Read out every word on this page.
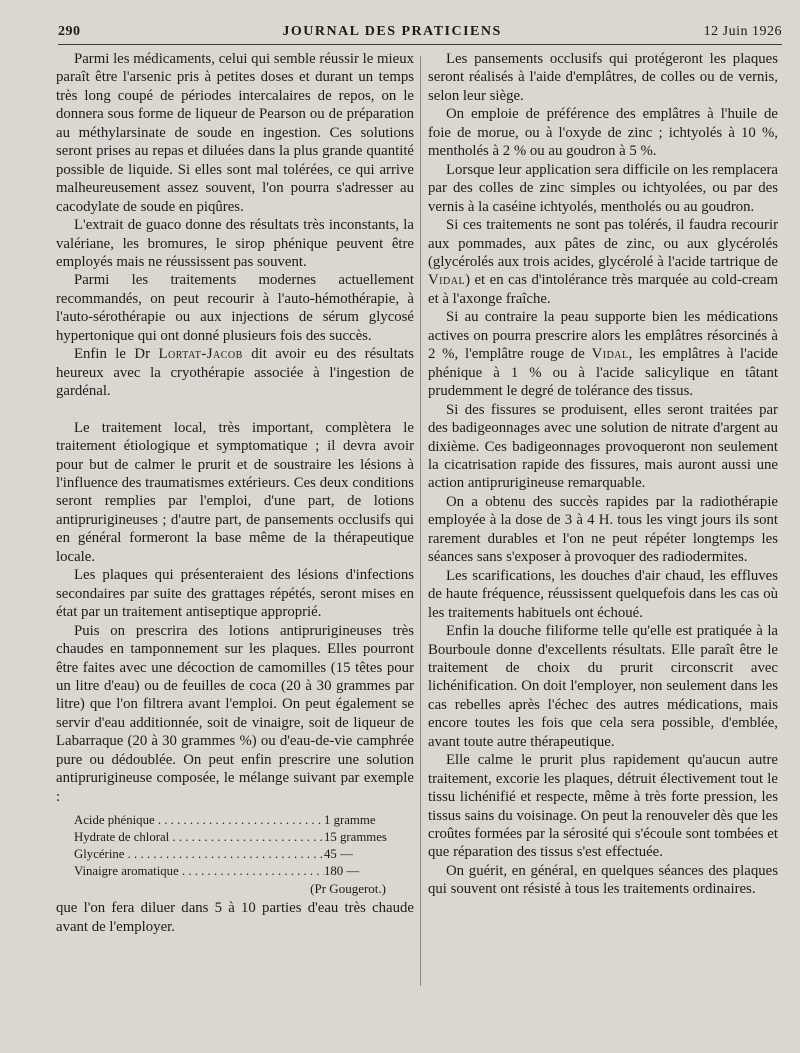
290	JOURNAL DES PRATICIENS	12 Juin 1926

Parmi les médicaments, celui qui semble réussir le mieux paraît être l'arsenic pris à petites doses et durant un temps très long coupé de périodes intercalaires de repos, on le donnera sous forme de liqueur de Pearson ou de préparation au méthylarsinate de soude en ingestion. Ces solutions seront prises au repas et diluées dans la plus grande quantité possible de liquide. Si elles sont mal tolérées, ce qui arrive malheureusement assez souvent, l'on pourra s'adresser au cacodylate de soude en piqûres.

L'extrait de guaco donne des résultats très inconstants, la valériane, les bromures, le sirop phénique peuvent être employés mais ne réussissent pas souvent.

Parmi les traitements modernes actuellement recommandés, on peut recourir à l'auto-hémothérapie, à l'auto-sérothérapie ou aux injections de sérum glycosé hypertonique qui ont donné plusieurs fois des succès.

Enfin le Dr Lortat-Jacob dit avoir eu des résultats heureux avec la cryothérapie associée à l'ingestion de gardénal.

Le traitement local, très important, complètera le traitement étiologique et symptomatique ; il devra avoir pour but de calmer le prurit et de soustraire les lésions à l'influence des traumatismes extérieurs. Ces deux conditions seront remplies par l'emploi, d'une part, de lotions antiprurigineuses ; d'autre part, de pansements occlusifs qui en général formeront la base même de la thérapeutique locale.

Les plaques qui présenteraient des lésions d'infections secondaires par suite des grattages répétés, seront mises en état par un traitement antiseptique approprié.

Puis on prescrira des lotions antiprurigineuses très chaudes en tamponnement sur les plaques. Elles pourront être faites avec une décoction de camomilles (15 têtes pour un litre d'eau) ou de feuilles de coca (20 à 30 grammes par litre) que l'on filtrera avant l'emploi. On peut également se servir d'eau additionnée, soit de vinaigre, soit de liqueur de Labarraque (20 à 30 grammes %) ou d'eau-de-vie camphrée pure ou dédoublée. On peut enfin prescrire une solution antiprurigineuse composée, le mélange suivant par exemple :

Acide phénique . . .	1 gramme
Hydrate de chloral . . .	15 grammes
Glycérine . . .	45 —
Vinaigre aromatique . . .	180 —
(Pr Gougerot.)

que l'on fera diluer dans 5 à 10 parties d'eau très chaude avant de l'employer.

Les pansements occlusifs qui protégeront les plaques seront réalisés à l'aide d'emplâtres, de colles ou de vernis, selon leur siège.

On emploie de préférence des emplâtres à l'huile de foie de morue, ou à l'oxyde de zinc ; ichtyolés à 10 %, mentholés à 2 % ou au goudron à 5 %.

Lorsque leur application sera difficile on les remplacera par des colles de zinc simples ou ichtyolées, ou par des vernis à la caséine ichtyolés, mentholés ou au goudron.

Si ces traitements ne sont pas tolérés, il faudra recourir aux pommades, aux pâtes de zinc, ou aux glycérolés (glycérolés aux trois acides, glycérolé à l'acide tartrique de Vidal) et en cas d'intolérance très marquée au cold-cream et à l'axonge fraîche.

Si au contraire la peau supporte bien les médications actives on pourra prescrire alors les emplâtres résorcinés à 2 %, l'emplâtre rouge de Vidal, les emplâtres à l'acide phénique à 1 % ou à l'acide salicylique en tâtant prudemment le degré de tolérance des tissus.

Si des fissures se produisent, elles seront traitées par des badigeonnages avec une solution de nitrate d'argent au dixième. Ces badigeonnages provoqueront non seulement la cicatrisation rapide des fissures, mais auront aussi une action antiprurigineuse remarquable.

On a obtenu des succès rapides par la radiothérapie employée à la dose de 3 à 4 H. tous les vingt jours ils sont rarement durables et l'on ne peut répéter longtemps les séances sans s'exposer à provoquer des radiodermites.

Les scarifications, les douches d'air chaud, les effluves de haute fréquence, réussissent quelquefois dans les cas où les traitements habituels ont échoué.

Enfin la douche filiforme telle qu'elle est pratiquée à la Bourboule donne d'excellents résultats. Elle paraît être le traitement de choix du prurit circonscrit avec lichénification. On doit l'employer, non seulement dans les cas rebelles après l'échec des autres médications, mais encore toutes les fois que cela sera possible, d'emblée, avant toute autre thérapeutique.

Elle calme le prurit plus rapidement qu'aucun autre traitement, excorie les plaques, détruit électivement tout le tissu lichénifié et respecte, même à très forte pression, les tissus sains du voisinage. On peut la renouveler dès que les croûtes formées par la sérosité qui s'écoule sont tombées et que réparation des tissus s'est effectuée.

On guérit, en général, en quelques séances des plaques qui souvent ont résisté à tous les traitements ordinaires.
